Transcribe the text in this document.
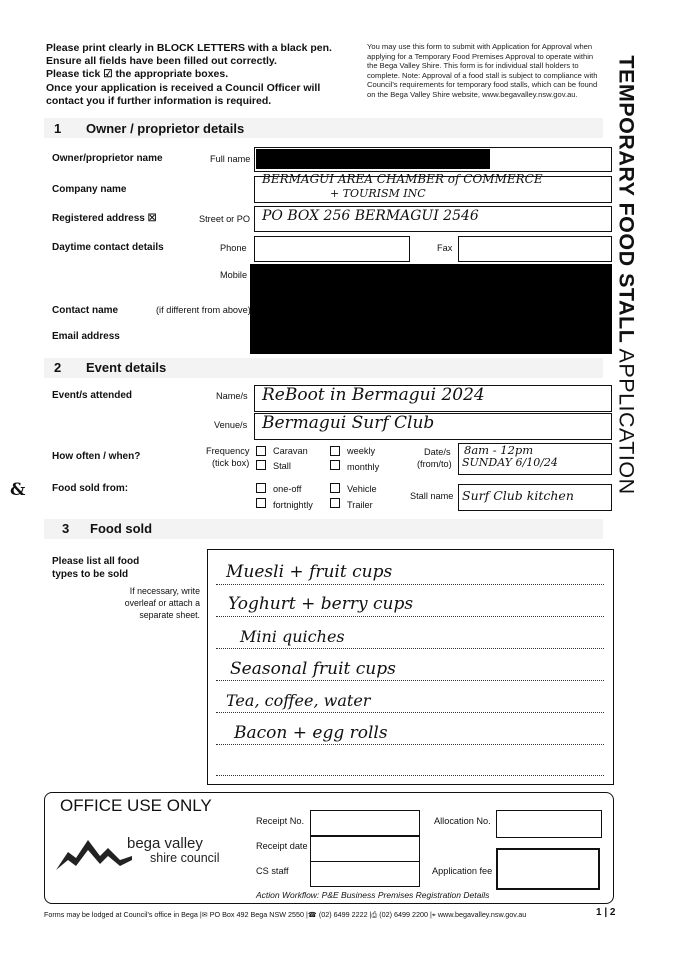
Please print clearly in BLOCK LETTERS with a black pen.
Ensure all fields have been filled out correctly.
Please tick ☑ the appropriate boxes.
Once your application is received a Council Officer will
contact you if further information is required.
You may use this form to submit with Application for Approval when
applying for a Temporary Food Premises Approval to operate within
the Bega Valley Shire. This form is for individual stall holders to
complete. Note: Approval of a food stall is subject to compliance with
Council's requirements for temporary food stalls, which can be found
on the Bega Valley Shire website, www.begavalley.nsw.gov.au.	TEMPORARY FOOD STALL APPLICATION
1 Owner / proprietor details
Owner/proprietor name	Full name
Company name
BERMAGUI AREA CHAMBER of COMMERCE
+ TOURISM INC
Registered address ☒	Street or PO PO BOX 256 BERMAGUI 2546
Daytime contact details	Phone	Fax
Mobile
Contact name	(if different from above)
Email address
2 Event details
Event/s attended	Name/s ReBoot in Bermagui 2024
Venue/s Bermagui Surf Club
How often / when?	Frequency
(tick box)
Caravan	weekly
Stall	monthly
Date/s
(from/to)
8am - 12pm
SUNDAY 6/10/24
&	Food sold from:	one-off	Vehicle
fortnightly	Trailer
Stall name Surf Club kitchen
3 Food sold
Please list all food
types to be sold
If necessary, write
overleaf or attach a
separate sheet.
Muesli + fruit cups
Yoghurt + berry cups
Mini quiches
Seasonal fruit cups
Tea, coffee, water
Bacon + egg rolls
OFFICE USE ONLY
bega valley
shire council
Receipt No.
Receipt date
CS staff
Allocation No.
Application fee
Action Workflow: P&E Business Premises Registration Details
Forms may be lodged at Council's office in Bega |✉ PO Box 492 Bega NSW 2550 |☎ (02) 6499 2222 |⎙ (02) 6499 2200 |⌖ www.begavalley.nsw.gov.au	1 | 2
